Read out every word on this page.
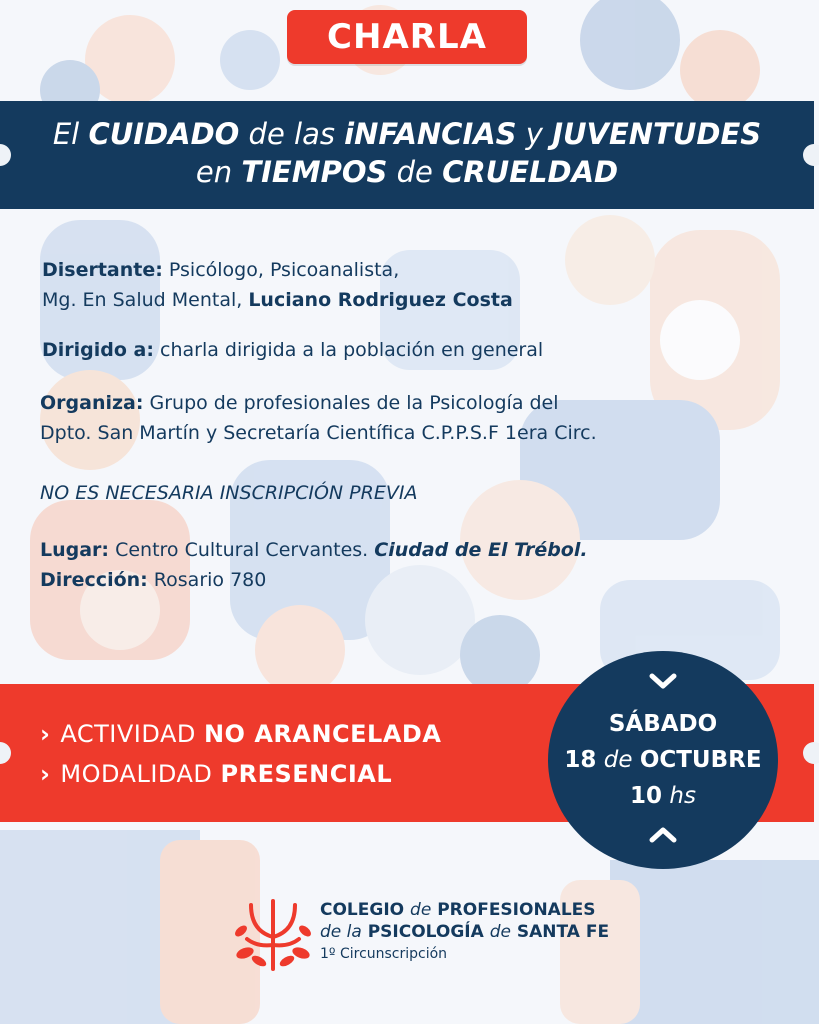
CHARLA
El CUIDADO de las iNFANCIAS y JUVENTUDES
en TIEMPOS de CRUELDAD

Disertante: Psicólogo, Psicoanalista,

Mg. En Salud Mental, Luciano Rodriguez Costa

Dirigido a: charla dirigida a la población en general

Organiza: Grupo de profesionales de la Psicología del

Dpto. San Martín y Secretaría Científica C.P.P.S.F 1era Circ.

NO ES NECESARIA INSCRIPCIÓN PREVIA

Lugar: Centro Cultural Cervantes. Ciudad de El Trébol.

Dirección: Rosario 780

› ACTIVIDAD NO ARANCELADA
› MODALIDAD PRESENCIAL
SÁBADO
18 de OCTUBRE
10 hs
COLEGIO de PROFESIONALES
de la PSICOLOGÍA de SANTA FE
1º Circunscripción
